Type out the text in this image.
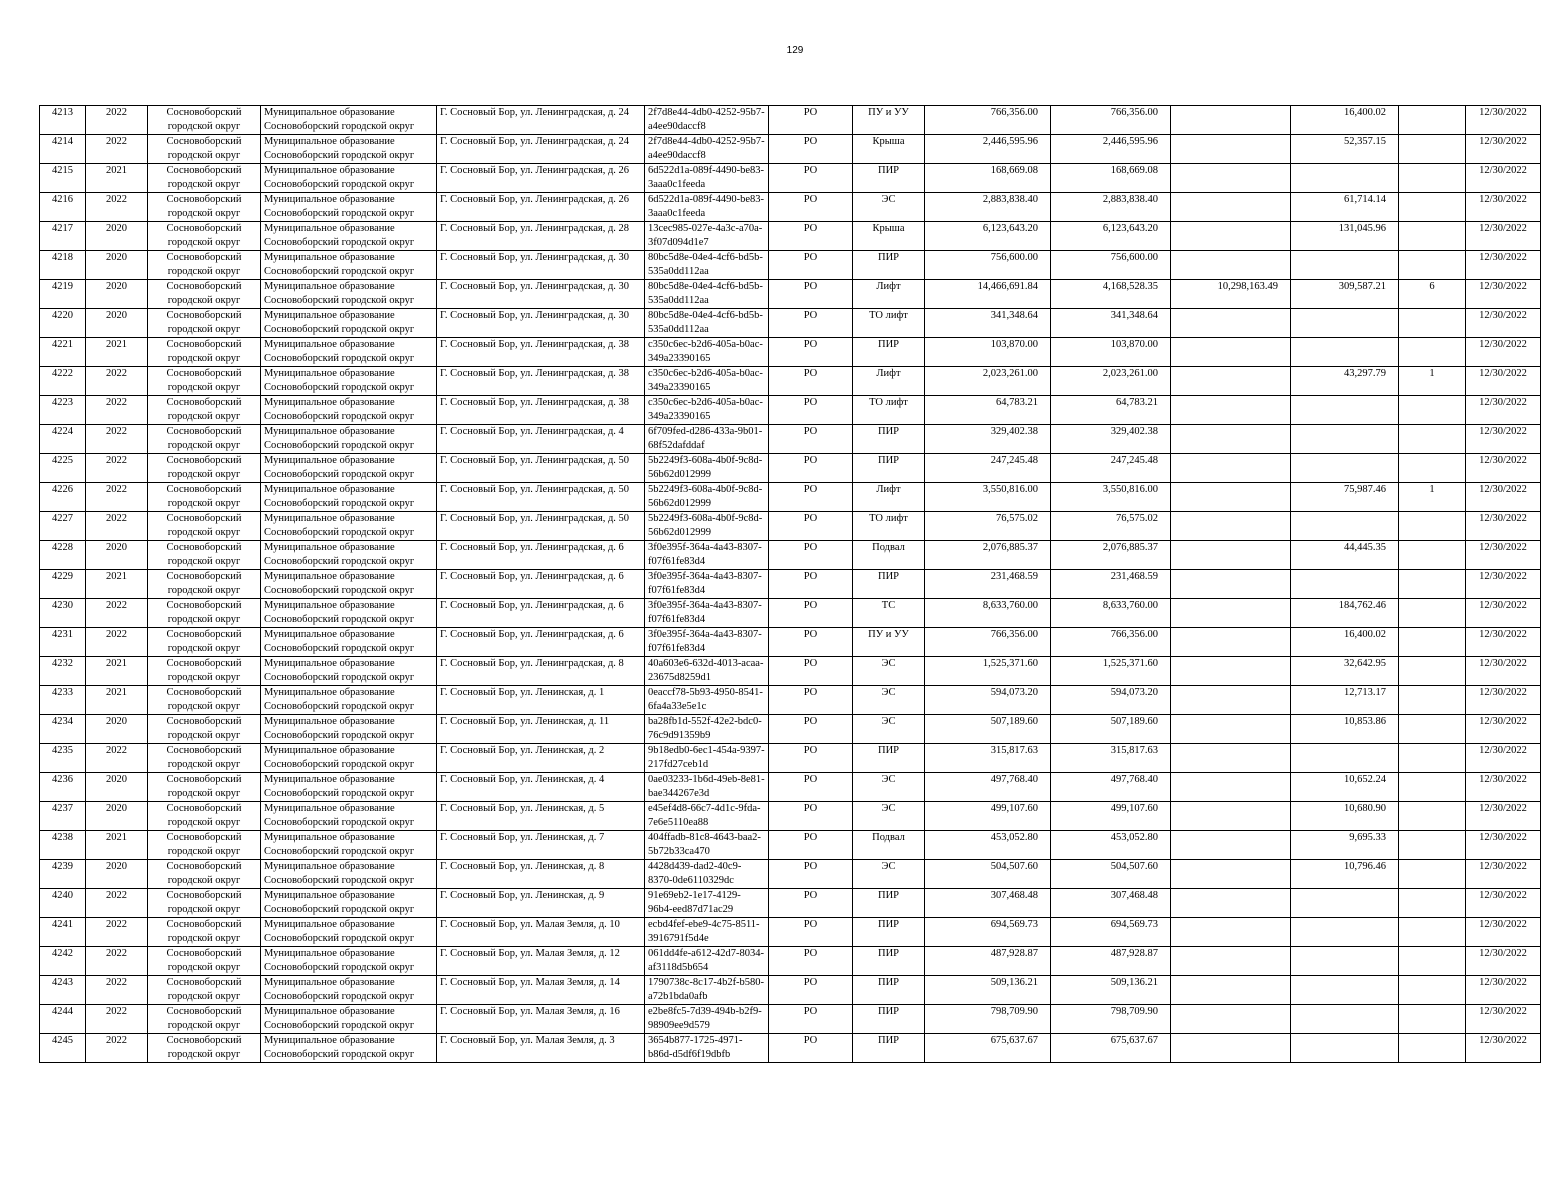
129
4213	2022	Сосновоборский городской округ	Муниципальное образование Сосновоборский городской округ	Г. Сосновый Бор, ул. Ленинградская, д. 24	2f7d8e44-4db0-4252-95b7-a4ee90daccf8	РО	ПУ и УУ	766,356.00	766,356.00		16,400.02		12/30/2022
4214	2022	Сосновоборский городской округ	Муниципальное образование Сосновоборский городской округ	Г. Сосновый Бор, ул. Ленинградская, д. 24	2f7d8e44-4db0-4252-95b7-a4ee90daccf8	РО	Крыша	2,446,595.96	2,446,595.96		52,357.15		12/30/2022
4215	2021	Сосновоборский городской округ	Муниципальное образование Сосновоборский городской округ	Г. Сосновый Бор, ул. Ленинградская, д. 26	6d522d1a-089f-4490-be83-3aaa0c1feeda	РО	ПИР	168,669.08	168,669.08				12/30/2022
4216	2022	Сосновоборский городской округ	Муниципальное образование Сосновоборский городской округ	Г. Сосновый Бор, ул. Ленинградская, д. 26	6d522d1a-089f-4490-be83-3aaa0c1feeda	РО	ЭС	2,883,838.40	2,883,838.40		61,714.14		12/30/2022
4217	2020	Сосновоборский городской округ	Муниципальное образование Сосновоборский городской округ	Г. Сосновый Бор, ул. Ленинградская, д. 28	13cec985-027e-4a3c-a70a-3f07d094d1e7	РО	Крыша	6,123,643.20	6,123,643.20		131,045.96		12/30/2022
4218	2020	Сосновоборский городской округ	Муниципальное образование Сосновоборский городской округ	Г. Сосновый Бор, ул. Ленинградская, д. 30	80bc5d8e-04e4-4cf6-bd5b-535a0dd112aa	РО	ПИР	756,600.00	756,600.00				12/30/2022
4219	2020	Сосновоборский городской округ	Муниципальное образование Сосновоборский городской округ	Г. Сосновый Бор, ул. Ленинградская, д. 30	80bc5d8e-04e4-4cf6-bd5b-535a0dd112aa	РО	Лифт	14,466,691.84	4,168,528.35	10,298,163.49	309,587.21	6	12/30/2022
4220	2020	Сосновоборский городской округ	Муниципальное образование Сосновоборский городской округ	Г. Сосновый Бор, ул. Ленинградская, д. 30	80bc5d8e-04e4-4cf6-bd5b-535a0dd112aa	РО	ТО лифт	341,348.64	341,348.64				12/30/2022
4221	2021	Сосновоборский городской округ	Муниципальное образование Сосновоборский городской округ	Г. Сосновый Бор, ул. Ленинградская, д. 38	c350c6ec-b2d6-405a-b0ac-349a23390165	РО	ПИР	103,870.00	103,870.00				12/30/2022
4222	2022	Сосновоборский городской округ	Муниципальное образование Сосновоборский городской округ	Г. Сосновый Бор, ул. Ленинградская, д. 38	c350c6ec-b2d6-405a-b0ac-349a23390165	РО	Лифт	2,023,261.00	2,023,261.00		43,297.79	1	12/30/2022
4223	2022	Сосновоборский городской округ	Муниципальное образование Сосновоборский городской округ	Г. Сосновый Бор, ул. Ленинградская, д. 38	c350c6ec-b2d6-405a-b0ac-349a23390165	РО	ТО лифт	64,783.21	64,783.21				12/30/2022
4224	2022	Сосновоборский городской округ	Муниципальное образование Сосновоборский городской округ	Г. Сосновый Бор, ул. Ленинградская, д. 4	6f709fed-d286-433a-9b01-68f52dafddaf	РО	ПИР	329,402.38	329,402.38				12/30/2022
4225	2022	Сосновоборский городской округ	Муниципальное образование Сосновоборский городской округ	Г. Сосновый Бор, ул. Ленинградская, д. 50	5b2249f3-608a-4b0f-9c8d-56b62d012999	РО	ПИР	247,245.48	247,245.48				12/30/2022
4226	2022	Сосновоборский городской округ	Муниципальное образование Сосновоборский городской округ	Г. Сосновый Бор, ул. Ленинградская, д. 50	5b2249f3-608a-4b0f-9c8d-56b62d012999	РО	Лифт	3,550,816.00	3,550,816.00		75,987.46	1	12/30/2022
4227	2022	Сосновоборский городской округ	Муниципальное образование Сосновоборский городской округ	Г. Сосновый Бор, ул. Ленинградская, д. 50	5b2249f3-608a-4b0f-9c8d-56b62d012999	РО	ТО лифт	76,575.02	76,575.02				12/30/2022
4228	2020	Сосновоборский городской округ	Муниципальное образование Сосновоборский городской округ	Г. Сосновый Бор, ул. Ленинградская, д. 6	3f0e395f-364a-4a43-8307-f07f61fe83d4	РО	Подвал	2,076,885.37	2,076,885.37		44,445.35		12/30/2022
4229	2021	Сосновоборский городской округ	Муниципальное образование Сосновоборский городской округ	Г. Сосновый Бор, ул. Ленинградская, д. 6	3f0e395f-364a-4a43-8307-f07f61fe83d4	РО	ПИР	231,468.59	231,468.59				12/30/2022
4230	2022	Сосновоборский городской округ	Муниципальное образование Сосновоборский городской округ	Г. Сосновый Бор, ул. Ленинградская, д. 6	3f0e395f-364a-4a43-8307-f07f61fe83d4	РО	ТС	8,633,760.00	8,633,760.00		184,762.46		12/30/2022
4231	2022	Сосновоборский городской округ	Муниципальное образование Сосновоборский городской округ	Г. Сосновый Бор, ул. Ленинградская, д. 6	3f0e395f-364a-4a43-8307-f07f61fe83d4	РО	ПУ и УУ	766,356.00	766,356.00		16,400.02		12/30/2022
4232	2021	Сосновоборский городской округ	Муниципальное образование Сосновоборский городской округ	Г. Сосновый Бор, ул. Ленинградская, д. 8	40a603e6-632d-4013-acaa-23675d8259d1	РО	ЭС	1,525,371.60	1,525,371.60		32,642.95		12/30/2022
4233	2021	Сосновоборский городской округ	Муниципальное образование Сосновоборский городской округ	Г. Сосновый Бор, ул. Ленинская, д. 1	0eaccf78-5b93-4950-8541-6fa4a33e5e1c	РО	ЭС	594,073.20	594,073.20		12,713.17		12/30/2022
4234	2020	Сосновоборский городской округ	Муниципальное образование Сосновоборский городской округ	Г. Сосновый Бор, ул. Ленинская, д. 11	ba28fb1d-552f-42e2-bdc0-76c9d91359b9	РО	ЭС	507,189.60	507,189.60		10,853.86		12/30/2022
4235	2022	Сосновоборский городской округ	Муниципальное образование Сосновоборский городской округ	Г. Сосновый Бор, ул. Ленинская, д. 2	9b18edb0-6ec1-454a-9397-217fd27ceb1d	РО	ПИР	315,817.63	315,817.63				12/30/2022
4236	2020	Сосновоборский городской округ	Муниципальное образование Сосновоборский городской округ	Г. Сосновый Бор, ул. Ленинская, д. 4	0ae03233-1b6d-49eb-8e81-bae344267e3d	РО	ЭС	497,768.40	497,768.40		10,652.24		12/30/2022
4237	2020	Сосновоборский городской округ	Муниципальное образование Сосновоборский городской округ	Г. Сосновый Бор, ул. Ленинская, д. 5	e45ef4d8-66c7-4d1c-9fda-7e6e5110ea88	РО	ЭС	499,107.60	499,107.60		10,680.90		12/30/2022
4238	2021	Сосновоборский городской округ	Муниципальное образование Сосновоборский городской округ	Г. Сосновый Бор, ул. Ленинская, д. 7	404ffadb-81c8-4643-baa2-5b72b33ca470	РО	Подвал	453,052.80	453,052.80		9,695.33		12/30/2022
4239	2020	Сосновоборский городской округ	Муниципальное образование Сосновоборский городской округ	Г. Сосновый Бор, ул. Ленинская, д. 8	4428d439-dad2-40c9-8370-0de6110329dc	РО	ЭС	504,507.60	504,507.60		10,796.46		12/30/2022
4240	2022	Сосновоборский городской округ	Муниципальное образование Сосновоборский городской округ	Г. Сосновый Бор, ул. Ленинская, д. 9	91e69eb2-1e17-4129-96b4-eed87d71ac29	РО	ПИР	307,468.48	307,468.48				12/30/2022
4241	2022	Сосновоборский городской округ	Муниципальное образование Сосновоборский городской округ	Г. Сосновый Бор, ул. Малая Земля, д. 10	ecbd4fef-ebe9-4c75-8511-3916791f5d4e	РО	ПИР	694,569.73	694,569.73				12/30/2022
4242	2022	Сосновоборский городской округ	Муниципальное образование Сосновоборский городской округ	Г. Сосновый Бор, ул. Малая Земля, д. 12	061dd4fe-a612-42d7-8034-af3118d5b654	РО	ПИР	487,928.87	487,928.87				12/30/2022
4243	2022	Сосновоборский городской округ	Муниципальное образование Сосновоборский городской округ	Г. Сосновый Бор, ул. Малая Земля, д. 14	1790738c-8c17-4b2f-b580-a72b1bda0afb	РО	ПИР	509,136.21	509,136.21				12/30/2022
4244	2022	Сосновоборский городской округ	Муниципальное образование Сосновоборский городской округ	Г. Сосновый Бор, ул. Малая Земля, д. 16	e2be8fc5-7d39-494b-b2f9-98909ee9d579	РО	ПИР	798,709.90	798,709.90				12/30/2022
4245	2022	Сосновоборский городской округ	Муниципальное образование Сосновоборский городской округ	Г. Сосновый Бор, ул. Малая Земля, д. 3	3654b877-1725-4971-b86d-d5df6f19dbfb	РО	ПИР	675,637.67	675,637.67				12/30/2022
